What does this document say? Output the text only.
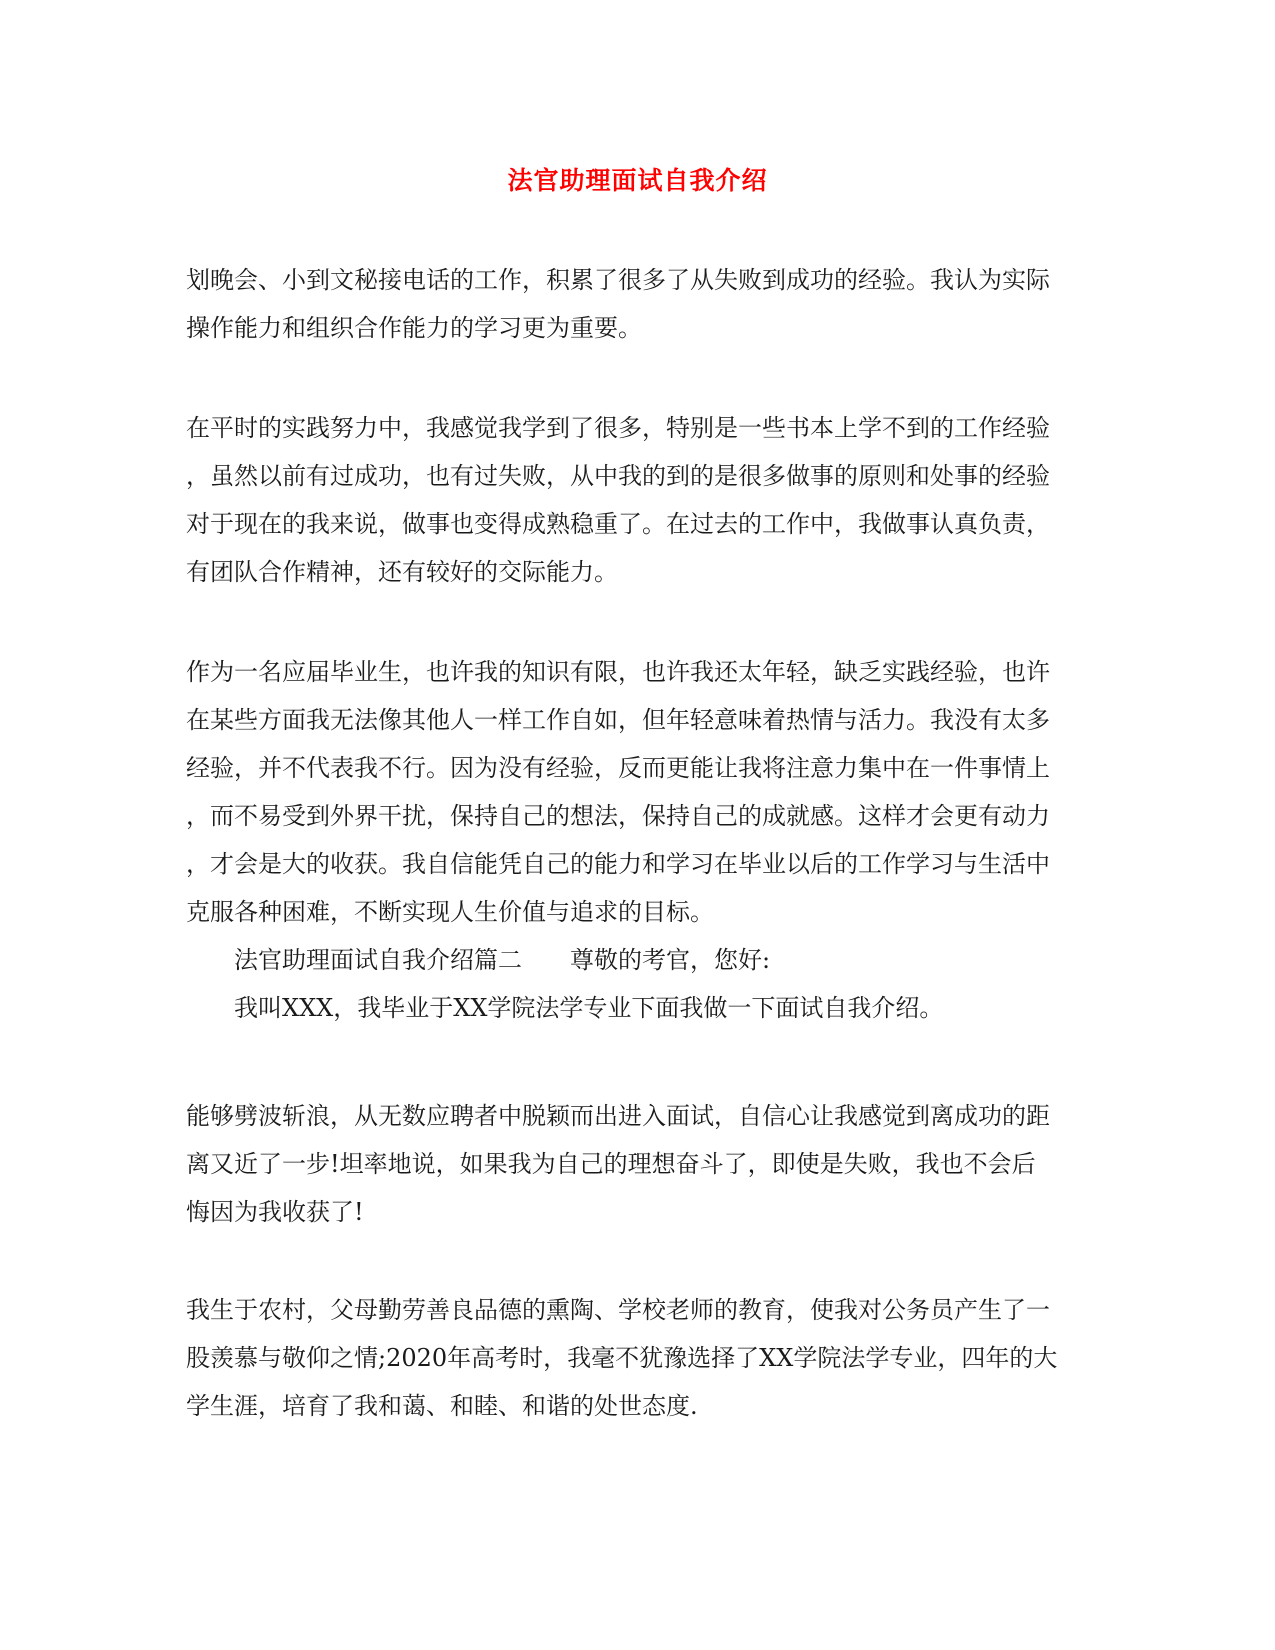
法官助理面试自我介绍
划晚会、小到文秘接电话的工作，积累了很多了从失败到成功的经验。我认为实际
操作能力和组织合作能力的学习更为重要。
在平时的实践努力中，我感觉我学到了很多，特别是一些书本上学不到的工作经验
，虽然以前有过成功，也有过失败，从中我的到的是很多做事的原则和处事的经验
对于现在的我来说，做事也变得成熟稳重了。在过去的工作中，我做事认真负责，
有团队合作精神，还有较好的交际能力。
作为一名应届毕业生，也许我的知识有限，也许我还太年轻，缺乏实践经验，也许
在某些方面我无法像其他人一样工作自如，但年轻意味着热情与活力。我没有太多
经验，并不代表我不行。因为没有经验，反而更能让我将注意力集中在一件事情上
，而不易受到外界干扰，保持自己的想法，保持自己的成就感。这样才会更有动力
，才会是大的收获。我自信能凭自己的能力和学习在毕业以后的工作学习与生活中
克服各种困难，不断实现人生价值与追求的目标。
法官助理面试自我介绍篇二 尊敬的考官，您好:
我叫XXX，我毕业于XX学院法学专业下面我做一下面试自我介绍。
能够劈波斩浪，从无数应聘者中脱颖而出进入面试，自信心让我感觉到离成功的距
离又近了一步!坦率地说，如果我为自己的理想奋斗了，即使是失败，我也不会后
悔因为我收获了!
我生于农村，父母勤劳善良品德的熏陶、学校老师的教育，使我对公务员产生了一
股羡慕与敬仰之情;2020年高考时，我毫不犹豫选择了XX学院法学专业，四年的大
学生涯，培育了我和蔼、和睦、和谐的处世态度.
